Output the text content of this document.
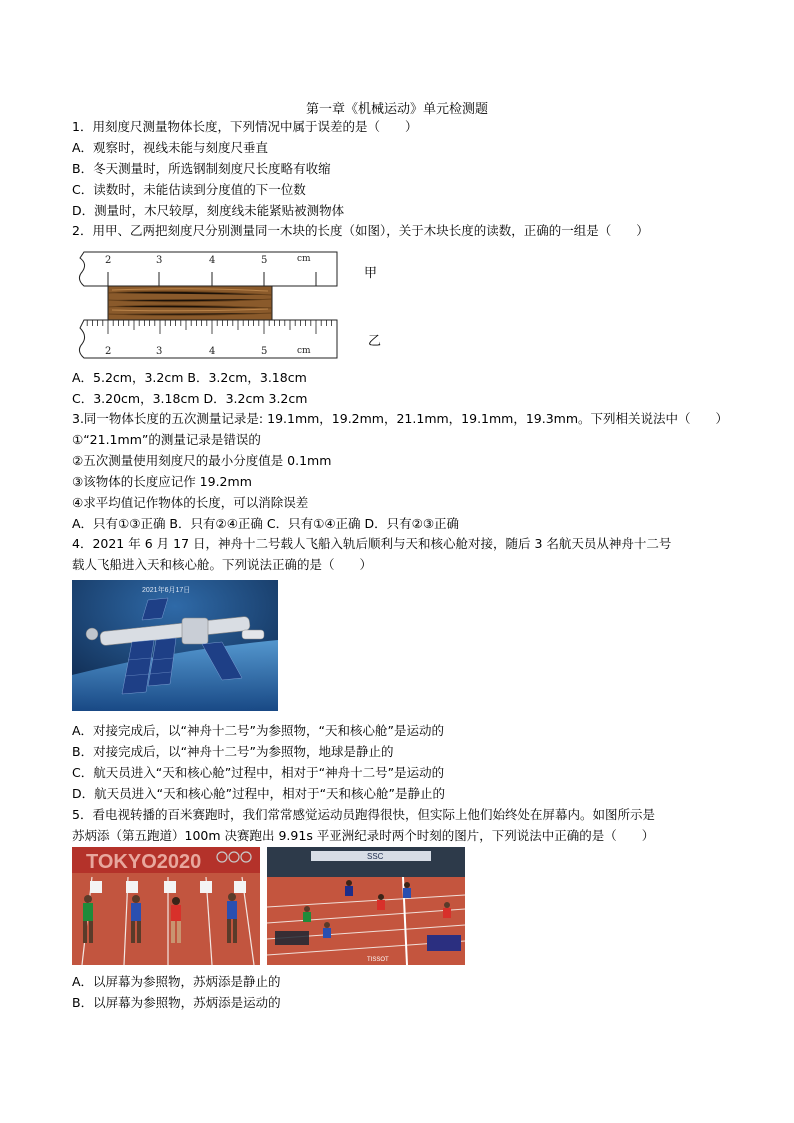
第一章《机械运动》单元检测题
1．用刻度尺测量物体长度，下列情况中属于误差的是（　　）
A．观察时，视线未能与刻度尺垂直
B．冬天测量时，所选钢制刻度尺长度略有收缩
C．读数时，未能估读到分度值的下一位数
D．测量时，木尺较厚，刻度线未能紧贴被测物体
2．用甲、乙两把刻度尺分别测量同一木块的长度（如图），关于木块长度的读数，正确的一组是（　　）
2	3	4	5	cm
2	3	4	5	cm
甲
乙
A．5.2cm，3.2cm B．3.2cm，3.18cm
C．3.20cm，3.18cm D．3.2cm 3.2cm
3.同一物体长度的五次测量记录是: 19.1mm，19.2mm，21.1mm，19.1mm，19.3mm。下列相关说法中（　　）
①“21.1mm”的测量记录是错误的
②五次测量使用刻度尺的最小分度值是 0.1mm
③该物体的长度应记作 19.2mm
④求平均值记作物体的长度，可以消除误差
A．只有①③正确 B．只有②④正确 C．只有①④正确 D．只有②③正确
4．2021 年 6 月 17 日，神舟十二号载人飞船入轨后顺利与天和核心舱对接，随后 3 名航天员从神舟十二号
载人飞船进入天和核心舱。下列说法正确的是（　　）
2021年6月17日
A．对接完成后，以“神舟十二号”为参照物，“天和核心舱”是运动的
B．对接完成后，以“神舟十二号”为参照物，地球是静止的
C．航天员进入“天和核心舱”过程中，相对于“神舟十二号”是运动的
D．航天员进入“天和核心舱”过程中，相对于“天和核心舱”是静止的
5．看电视转播的百米赛跑时，我们常常感觉运动员跑得很快，但实际上他们始终处在屏幕内。如图所示是
苏炳添（第五跑道）100m 决赛跑出 9.91s 平亚洲纪录时两个时刻的图片，下列说法中正确的是（　　）
TOKYO2020	SSC
TISSOT
A．以屏幕为参照物，苏炳添是静止的
B．以屏幕为参照物，苏炳添是运动的
